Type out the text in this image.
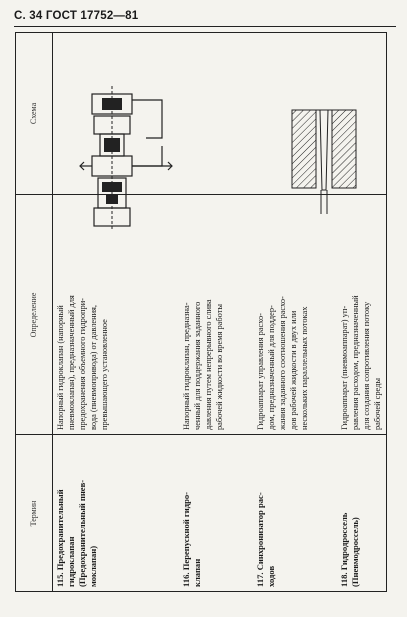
С. 34 ГОСТ 17752—81
Термин
Определение
Схема
115. Предохранительный гидроклапан (Предохранительный пнев- моклапан)
Напорный гидроклапан (напорный пневмоклапан), предназначенный для предохранения объемного гидропри- вода (пневмопривода) от давления, превышающего установленное
116. Перепускной гидро- клапан
Напорный гидроклапан, предназна- ченный для поддержания заданного давления путем непрерывного слива рабочей жидкости во время работы
117. Синхронизатор рас- ходов
Гидроаппарат управления расхо- дом, предназначенный для поддер- жания заданного соотношения расхо- дов рабочей жидкости в двух или нескольких параллельных потоках
118. Гидродроссель (Пневмодроссель)
Гидроаппарат (пневмоаппарат) уп- равления расходом, предназначенный для создания сопротивления потоку рабочей среды
